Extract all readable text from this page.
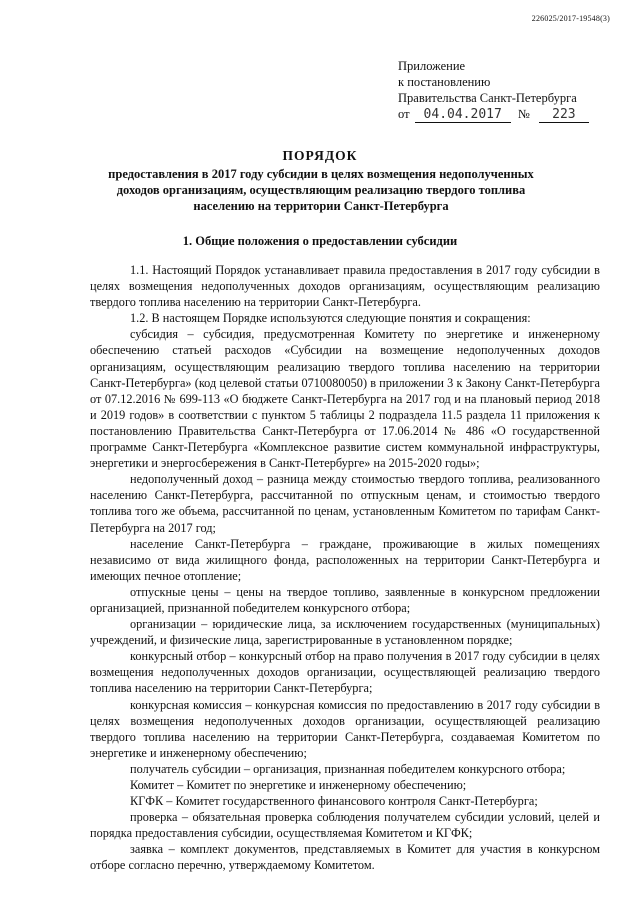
226025/2017-19548(3)
Приложение
к постановлению
Правительства Санкт-Петербурга
от 04.04.2017 № 223
ПОРЯДОК
предоставления в 2017 году субсидии в целях возмещения недополученных доходов организациям, осуществляющим реализацию твердого топлива населению на территории Санкт-Петербурга
1. Общие положения о предоставлении субсидии

1.1. Настоящий Порядок устанавливает правила предоставления в 2017 году субсидии в целях возмещения недополученных доходов организациям, осуществляющим реализацию твердого топлива населению на территории Санкт-Петербурга.

1.2. В настоящем Порядке используются следующие понятия и сокращения:

субсидия – субсидия, предусмотренная Комитету по энергетике и инженерному обеспечению статьей расходов «Субсидии на возмещение недополученных доходов организациям, осуществляющим реализацию твердого топлива населению на территории Санкт-Петербурга» (код целевой статьи 0710080050) в приложении 3 к Закону Санкт-Петербурга от 07.12.2016 № 699-113 «О бюджете Санкт-Петербурга на 2017 год и на плановый период 2018 и 2019 годов» в соответствии с пунктом 5 таблицы 2 подраздела 11.5 раздела 11 приложения к постановлению Правительства Санкт-Петербурга от 17.06.2014 № 486 «О государственной программе Санкт-Петербурга «Комплексное развитие систем коммунальной инфраструктуры, энергетики и энергосбережения в Санкт-Петербурге» на 2015-2020 годы»;

недополученный доход – разница между стоимостью твердого топлива, реализованного населению Санкт-Петербурга, рассчитанной по отпускным ценам, и стоимостью твердого топлива того же объема, рассчитанной по ценам, установленным Комитетом по тарифам Санкт-Петербурга на 2017 год;

население Санкт-Петербурга – граждане, проживающие в жилых помещениях независимо от вида жилищного фонда, расположенных на территории Санкт-Петербурга и имеющих печное отопление;

отпускные цены – цены на твердое топливо, заявленные в конкурсном предложении организацией, признанной победителем конкурсного отбора;

организации – юридические лица, за исключением государственных (муниципальных) учреждений, и физические лица, зарегистрированные в установленном порядке;

конкурсный отбор – конкурсный отбор на право получения в 2017 году субсидии в целях возмещения недополученных доходов организации, осуществляющей реализацию твердого топлива населению на территории Санкт-Петербурга;

конкурсная комиссия – конкурсная комиссия по предоставлению в 2017 году субсидии в целях возмещения недополученных доходов организации, осуществляющей реализацию твердого топлива населению на территории Санкт-Петербурга, создаваемая Комитетом по энергетике и инженерному обеспечению;

получатель субсидии – организация, признанная победителем конкурсного отбора;

Комитет – Комитет по энергетике и инженерному обеспечению;

КГФК – Комитет государственного финансового контроля Санкт-Петербурга;

проверка – обязательная проверка соблюдения получателем субсидии условий, целей и порядка предоставления субсидии, осуществляемая Комитетом и КГФК;

заявка – комплект документов, представляемых в Комитет для участия в конкурсном отборе согласно перечню, утверждаемому Комитетом.
